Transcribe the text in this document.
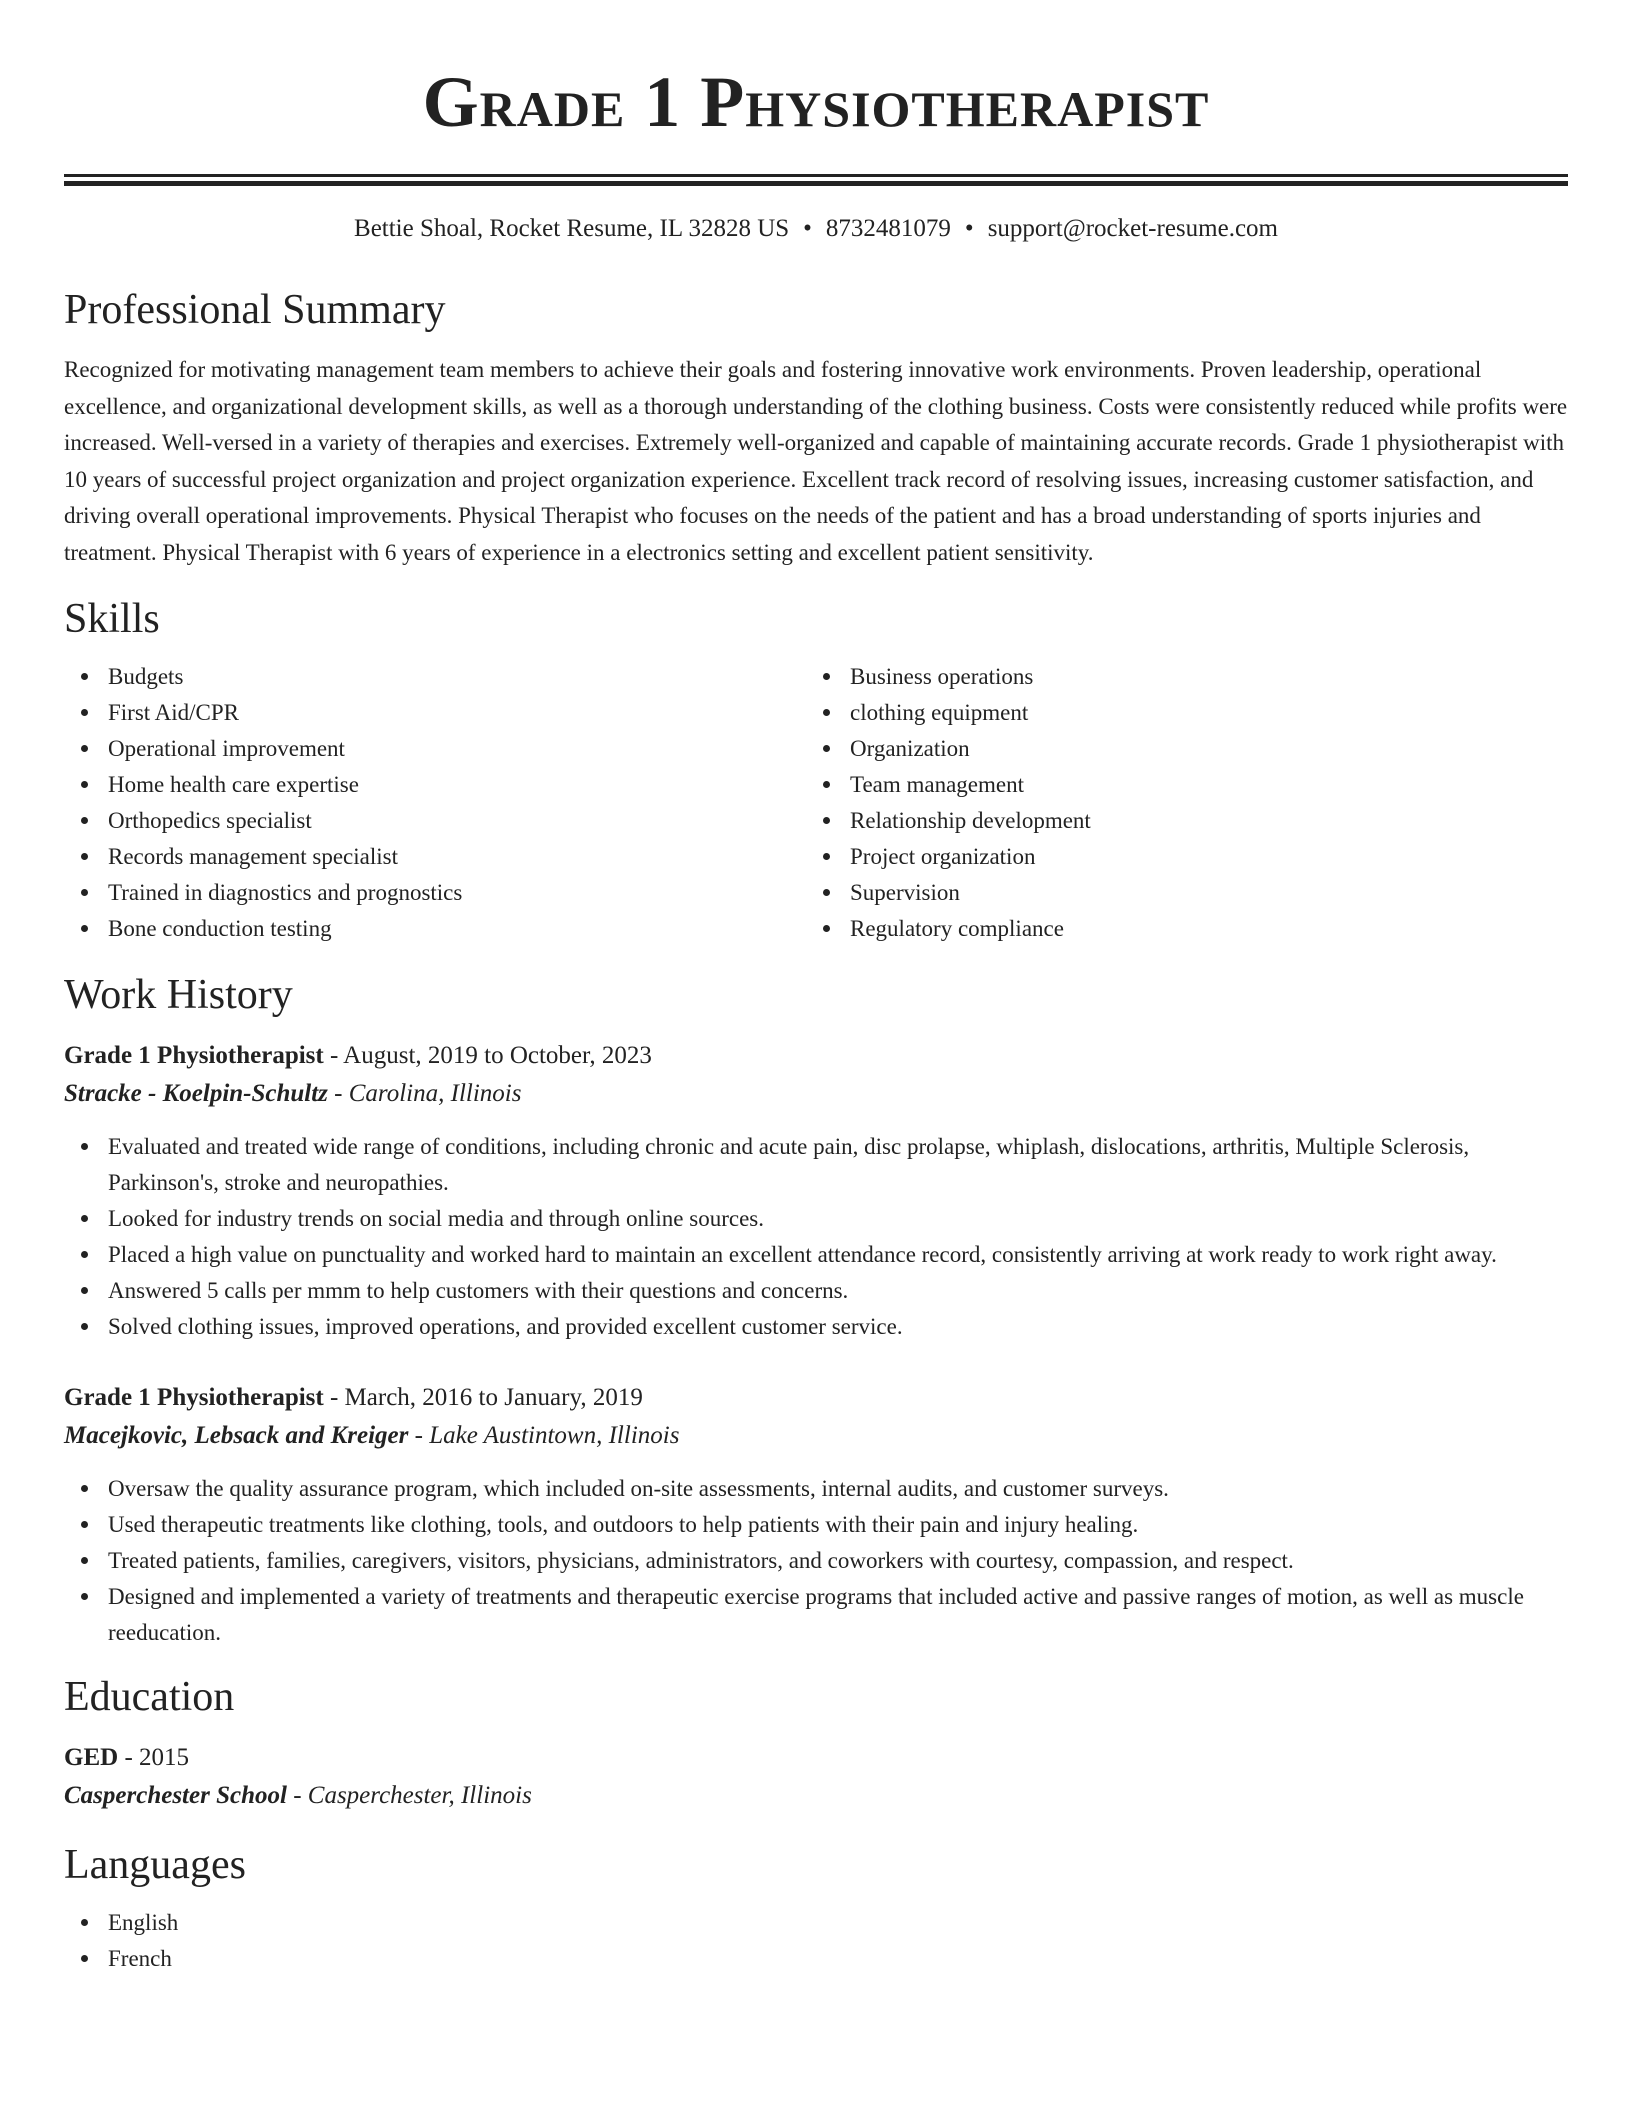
Grade 1 Physiotherapist
Bettie Shoal, Rocket Resume, IL 32828 US • 8732481079 • support@rocket-resume.com
Professional Summary

Recognized for motivating management team members to achieve their goals and fostering innovative work environments. Proven leadership, operational excellence, and organizational development skills, as well as a thorough understanding of the clothing business. Costs were consistently reduced while profits were increased. Well-versed in a variety of therapies and exercises. Extremely well-organized and capable of maintaining accurate records. Grade 1 physiotherapist with 10 years of successful project organization and project organization experience. Excellent track record of resolving issues, increasing customer satisfaction, and driving overall operational improvements. Physical Therapist who focuses on the needs of the patient and has a broad understanding of sports injuries and treatment. Physical Therapist with 6 years of experience in a electronics setting and excellent patient sensitivity.

Skills
Budgets
First Aid/CPR
Operational improvement
Home health care expertise
Orthopedics specialist
Records management specialist
Trained in diagnostics and prognostics
Bone conduction testing
Business operations
clothing equipment
Organization
Team management
Relationship development
Project organization
Supervision
Regulatory compliance
Work History
Grade 1 Physiotherapist - August, 2019 to October, 2023
Stracke - Koelpin-Schultz - Carolina, Illinois
Evaluated and treated wide range of conditions, including chronic and acute pain, disc prolapse, whiplash, dislocations, arthritis, Multiple Sclerosis, Parkinson's, stroke and neuropathies.
Looked for industry trends on social media and through online sources.
Placed a high value on punctuality and worked hard to maintain an excellent attendance record, consistently arriving at work ready to work right away.
Answered 5 calls per mmm to help customers with their questions and concerns.
Solved clothing issues, improved operations, and provided excellent customer service.
Grade 1 Physiotherapist - March, 2016 to January, 2019
Macejkovic, Lebsack and Kreiger - Lake Austintown, Illinois
Oversaw the quality assurance program, which included on-site assessments, internal audits, and customer surveys.
Used therapeutic treatments like clothing, tools, and outdoors to help patients with their pain and injury healing.
Treated patients, families, caregivers, visitors, physicians, administrators, and coworkers with courtesy, compassion, and respect.
Designed and implemented a variety of treatments and therapeutic exercise programs that included active and passive ranges of motion, as well as muscle reeducation.
Education
GED - 2015
Casperchester School - Casperchester, Illinois
Languages
English
French
